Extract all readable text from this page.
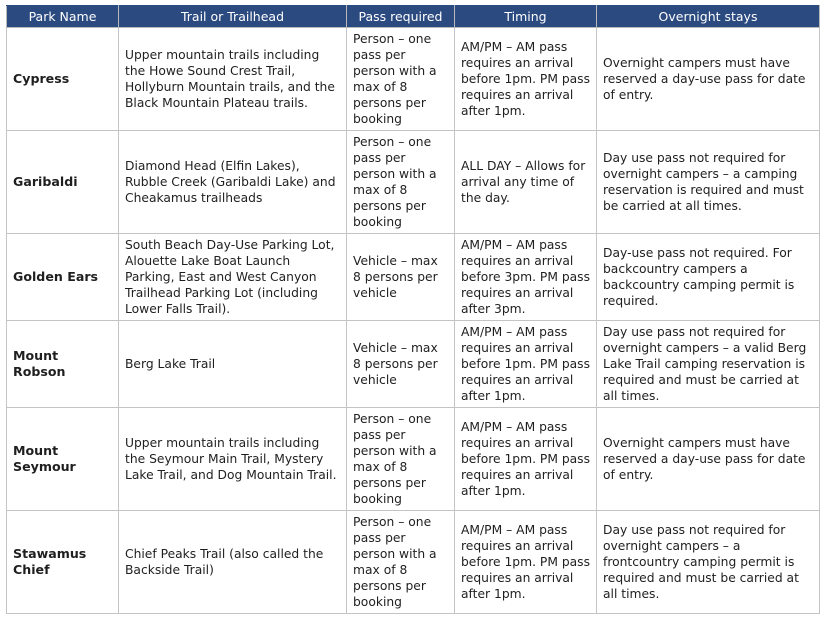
Park Name	Trail or Trailhead	Pass required	Timing	Overnight stays
Cypress	Upper mountain trails including the Howe Sound Crest Trail, Hollyburn Mountain trails, and the Black Mountain Plateau trails.	Person – one pass per person with a max of 8 persons per booking	AM/PM – AM pass requires an arrival before 1pm. PM pass requires an arrival after 1pm.	Overnight campers must have reserved a day-use pass for date of entry.
Garibaldi	Diamond Head (Elfin Lakes), Rubble Creek (Garibaldi Lake) and Cheakamus trailheads	Person – one pass per person with a max of 8 persons per booking	ALL DAY – Allows for arrival any time of the day.	Day use pass not required for overnight campers – a camping reservation is required and must be carried at all times.
Golden Ears	South Beach Day-Use Parking Lot, Alouette Lake Boat Launch Parking, East and West Canyon Trailhead Parking Lot (including Lower Falls Trail).	Vehicle – max 8 persons per vehicle	AM/PM – AM pass requires an arrival before 3pm. PM pass requires an arrival after 3pm.	Day-use pass not required. For backcountry campers a backcountry camping permit is required.
Mount Robson	Berg Lake Trail	Vehicle – max 8 persons per vehicle	AM/PM – AM pass requires an arrival before 1pm. PM pass requires an arrival after 1pm.	Day use pass not required for overnight campers – a valid Berg Lake Trail camping reservation is required and must be carried at all times.
Mount Seymour	Upper mountain trails including the Seymour Main Trail, Mystery Lake Trail, and Dog Mountain Trail.	Person – one pass per person with a max of 8 persons per booking	AM/PM – AM pass requires an arrival before 1pm. PM pass requires an arrival after 1pm.	Overnight campers must have reserved a day-use pass for date of entry.
Stawamus Chief	Chief Peaks Trail (also called the Backside Trail)	Person – one pass per person with a max of 8 persons per booking	AM/PM – AM pass requires an arrival before 1pm. PM pass requires an arrival after 1pm.	Day use pass not required for overnight campers – a frontcountry camping permit is required and must be carried at all times.
